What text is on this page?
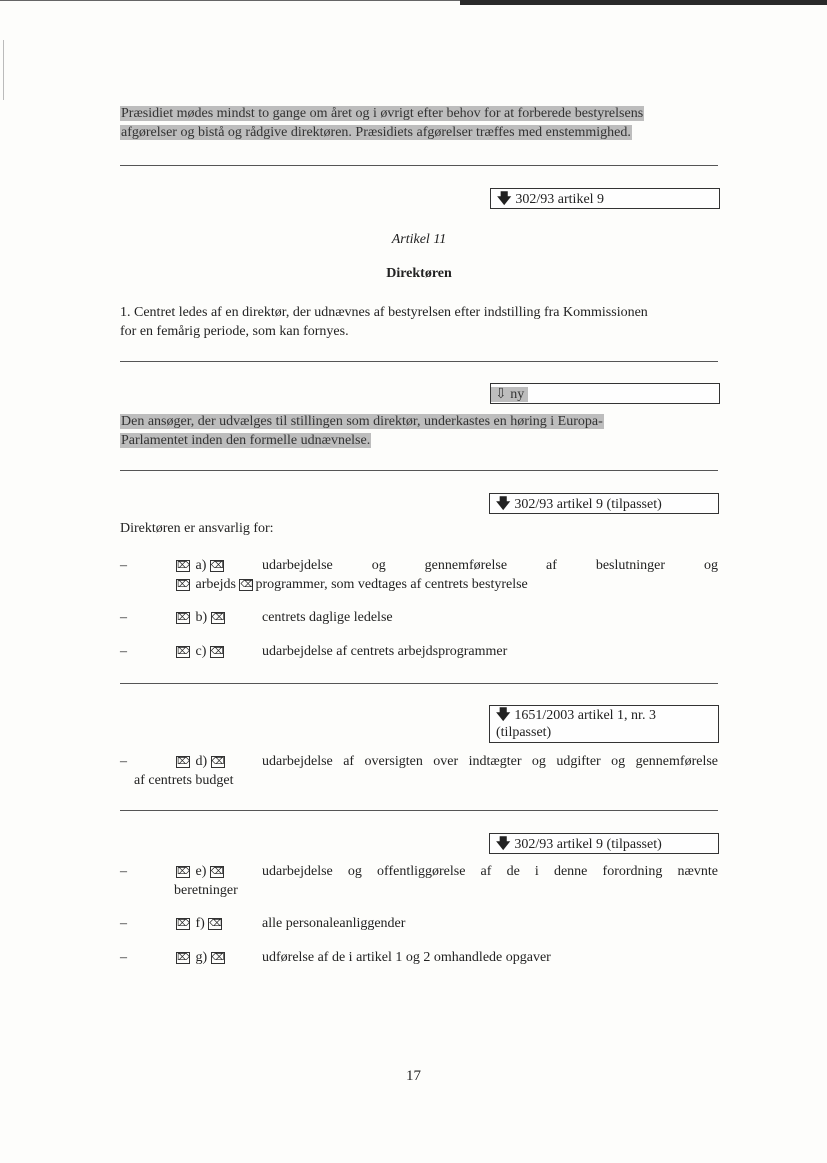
Præsidiet mødes mindst to gange om året og i øvrigt efter behov for at forberede bestyrelsens
afgørelser og bistå og rådgive direktøren. Præsidiets afgørelser træffes med enstemmighed.
🡇 302/93 artikel 9
Artikel 11
Direktøren
1. Centret ledes af en direktør, der udnævnes af bestyrelsen efter indstilling fra Kommissionen
for en femårig periode, som kan fornyes.
⇩ ny
Den ansøger, der udvælges til stillingen som direktør, underkastes en høring i Europa-
Parlamentet inden den formelle udnævnelse.
🡇 302/93 artikel 9 (tilpasset)
Direktøren er ansvarlig for:
–	⌦ a) ⌫	udarbejdelse og gennemførelse af beslutninger og
⌦ arbejds ⌫ programmer, som vedtages af centrets bestyrelse
–	⌦ b) ⌫	centrets daglige ledelse
–	⌦ c) ⌫	udarbejdelse af centrets arbejdsprogrammer
🡇 1651/2003 artikel 1, nr. 3
(tilpasset)
–	⌦ d) ⌫	udarbejdelse af oversigten over indtægter og udgifter og gennemførelse
af centrets budget
🡇 302/93 artikel 9 (tilpasset)
–	⌦ e) ⌫	udarbejdelse og offentliggørelse af de i denne forordning nævnte
beretninger
–	⌦ f) ⌫	alle personaleanliggender
–	⌦ g) ⌫	udførelse af de i artikel 1 og 2 omhandlede opgaver
17
